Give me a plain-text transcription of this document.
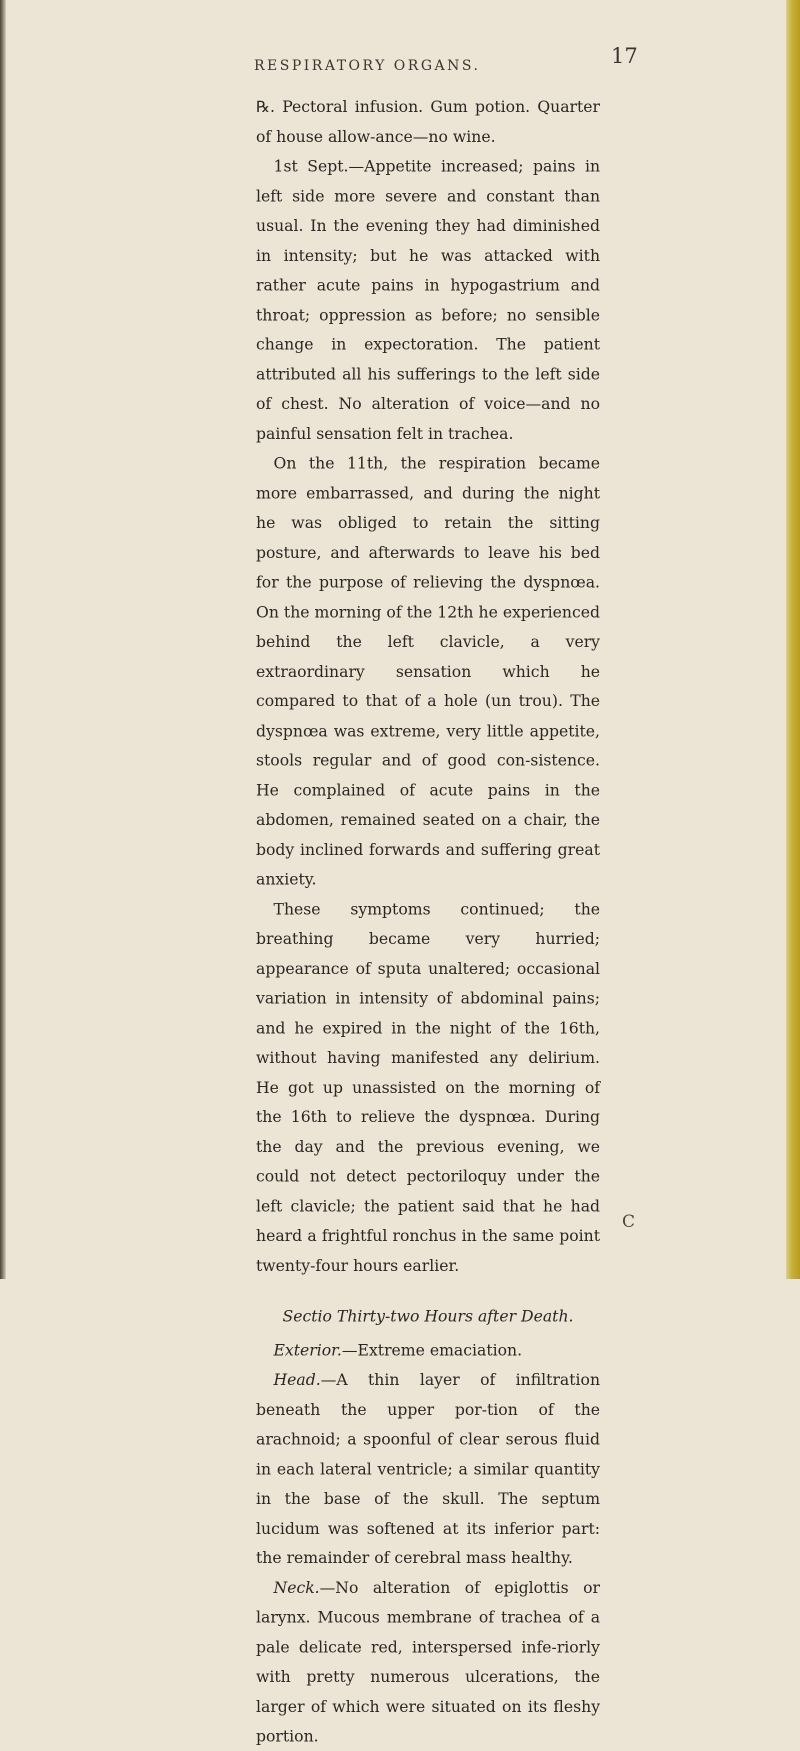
RESPIRATORY ORGANS.	17

℞. Pectoral infusion. Gum potion. Quarter of house allow-ance—no wine.

1st Sept.—Appetite increased; pains in left side more severe and constant than usual. In the evening they had diminished in intensity; but he was attacked with rather acute pains in hypogastrium and throat; oppression as before; no sensible change in expectoration. The patient attributed all his sufferings to the left side of chest. No alteration of voice—and no painful sensation felt in trachea.

On the 11th, the respiration became more embarrassed, and during the night he was obliged to retain the sitting posture, and afterwards to leave his bed for the purpose of relieving the dyspnœa. On the morning of the 12th he experienced behind the left clavicle, a very extraordinary sensation which he compared to that of a hole (un trou). The dyspnœa was extreme, very little appetite, stools regular and of good con-sistence. He complained of acute pains in the abdomen, remained seated on a chair, the body inclined forwards and suffering great anxiety.

These symptoms continued; the breathing became very hurried; appearance of sputa unaltered; occasional variation in intensity of abdominal pains; and he expired in the night of the 16th, without having manifested any delirium. He got up unassisted on the morning of the 16th to relieve the dyspnœa. During the day and the previous evening, we could not detect pectoriloquy under the left clavicle; the patient said that he had heard a frightful ronchus in the same point twenty-four hours earlier.

Sectio Thirty-two Hours after Death.

Exterior.—Extreme emaciation.

Head.—A thin layer of infiltration beneath the upper por-tion of the arachnoid; a spoonful of clear serous fluid in each lateral ventricle; a similar quantity in the base of the skull. The septum lucidum was softened at its inferior part: the remainder of cerebral mass healthy.

Neck.—No alteration of epiglottis or larynx. Mucous membrane of trachea of a pale delicate red, interspersed infe-riorly with pretty numerous ulcerations, the larger of which were situated on its fleshy portion.

C
